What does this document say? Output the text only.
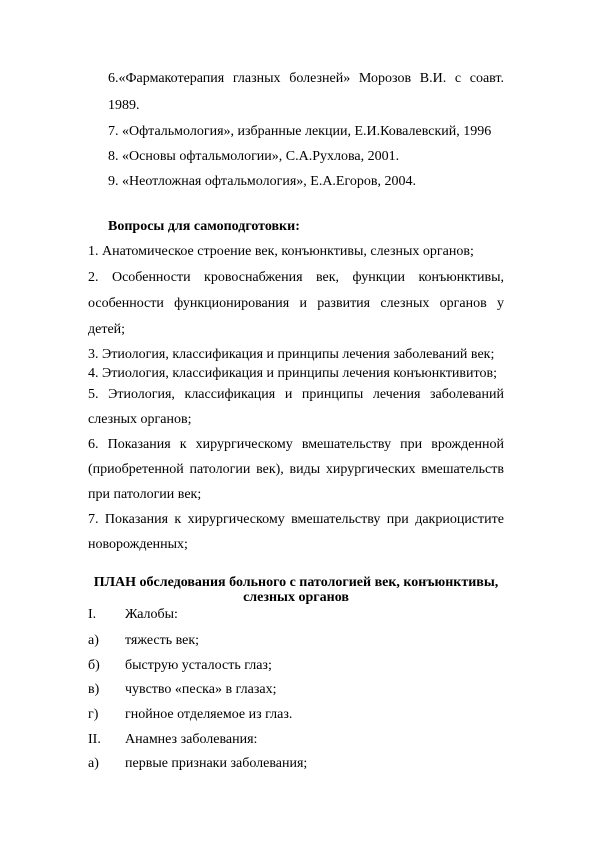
6.«Фармакотерапия глазных болезней» Морозов В.И. с соавт.
1989.
7. «Офтальмология», избранные лекции, Е.И.Ковалевский, 1996
8. «Основы офтальмологии», С.А.Рухлова, 2001.
9. «Неотложная офтальмология», Е.А.Егоров, 2004.
Вопросы для самоподготовки:
1. Анатомическое строение век, конъюнктивы, слезных органов;
2. Особенности кровоснабжения век, функции конъюнктивы,
особенности функционирования и развития слезных органов у
детей;
3. Этиология, классификация и принципы лечения заболеваний век;
4. Этиология, классификация и принципы лечения конъюнктивитов;
5. Этиология, классификация и принципы лечения заболеваний
слезных органов;
6. Показания к хирургическому вмешательству при врожденной
(приобретенной патологии век), виды хирургических вмешательств
при патологии век;
7. Показания к хирургическому вмешательству при дакриоцистите
новорожденных;
ПЛАН обследования больного с патологией век, конъюнктивы,
слезных органов
I. Жалобы:
а) тяжесть век;
б) быструю усталость глаз;
в) чувство «песка» в глазах;
г) гнойное отделяемое из глаз.
II. Анамнез заболевания:
а) первые признаки заболевания;
